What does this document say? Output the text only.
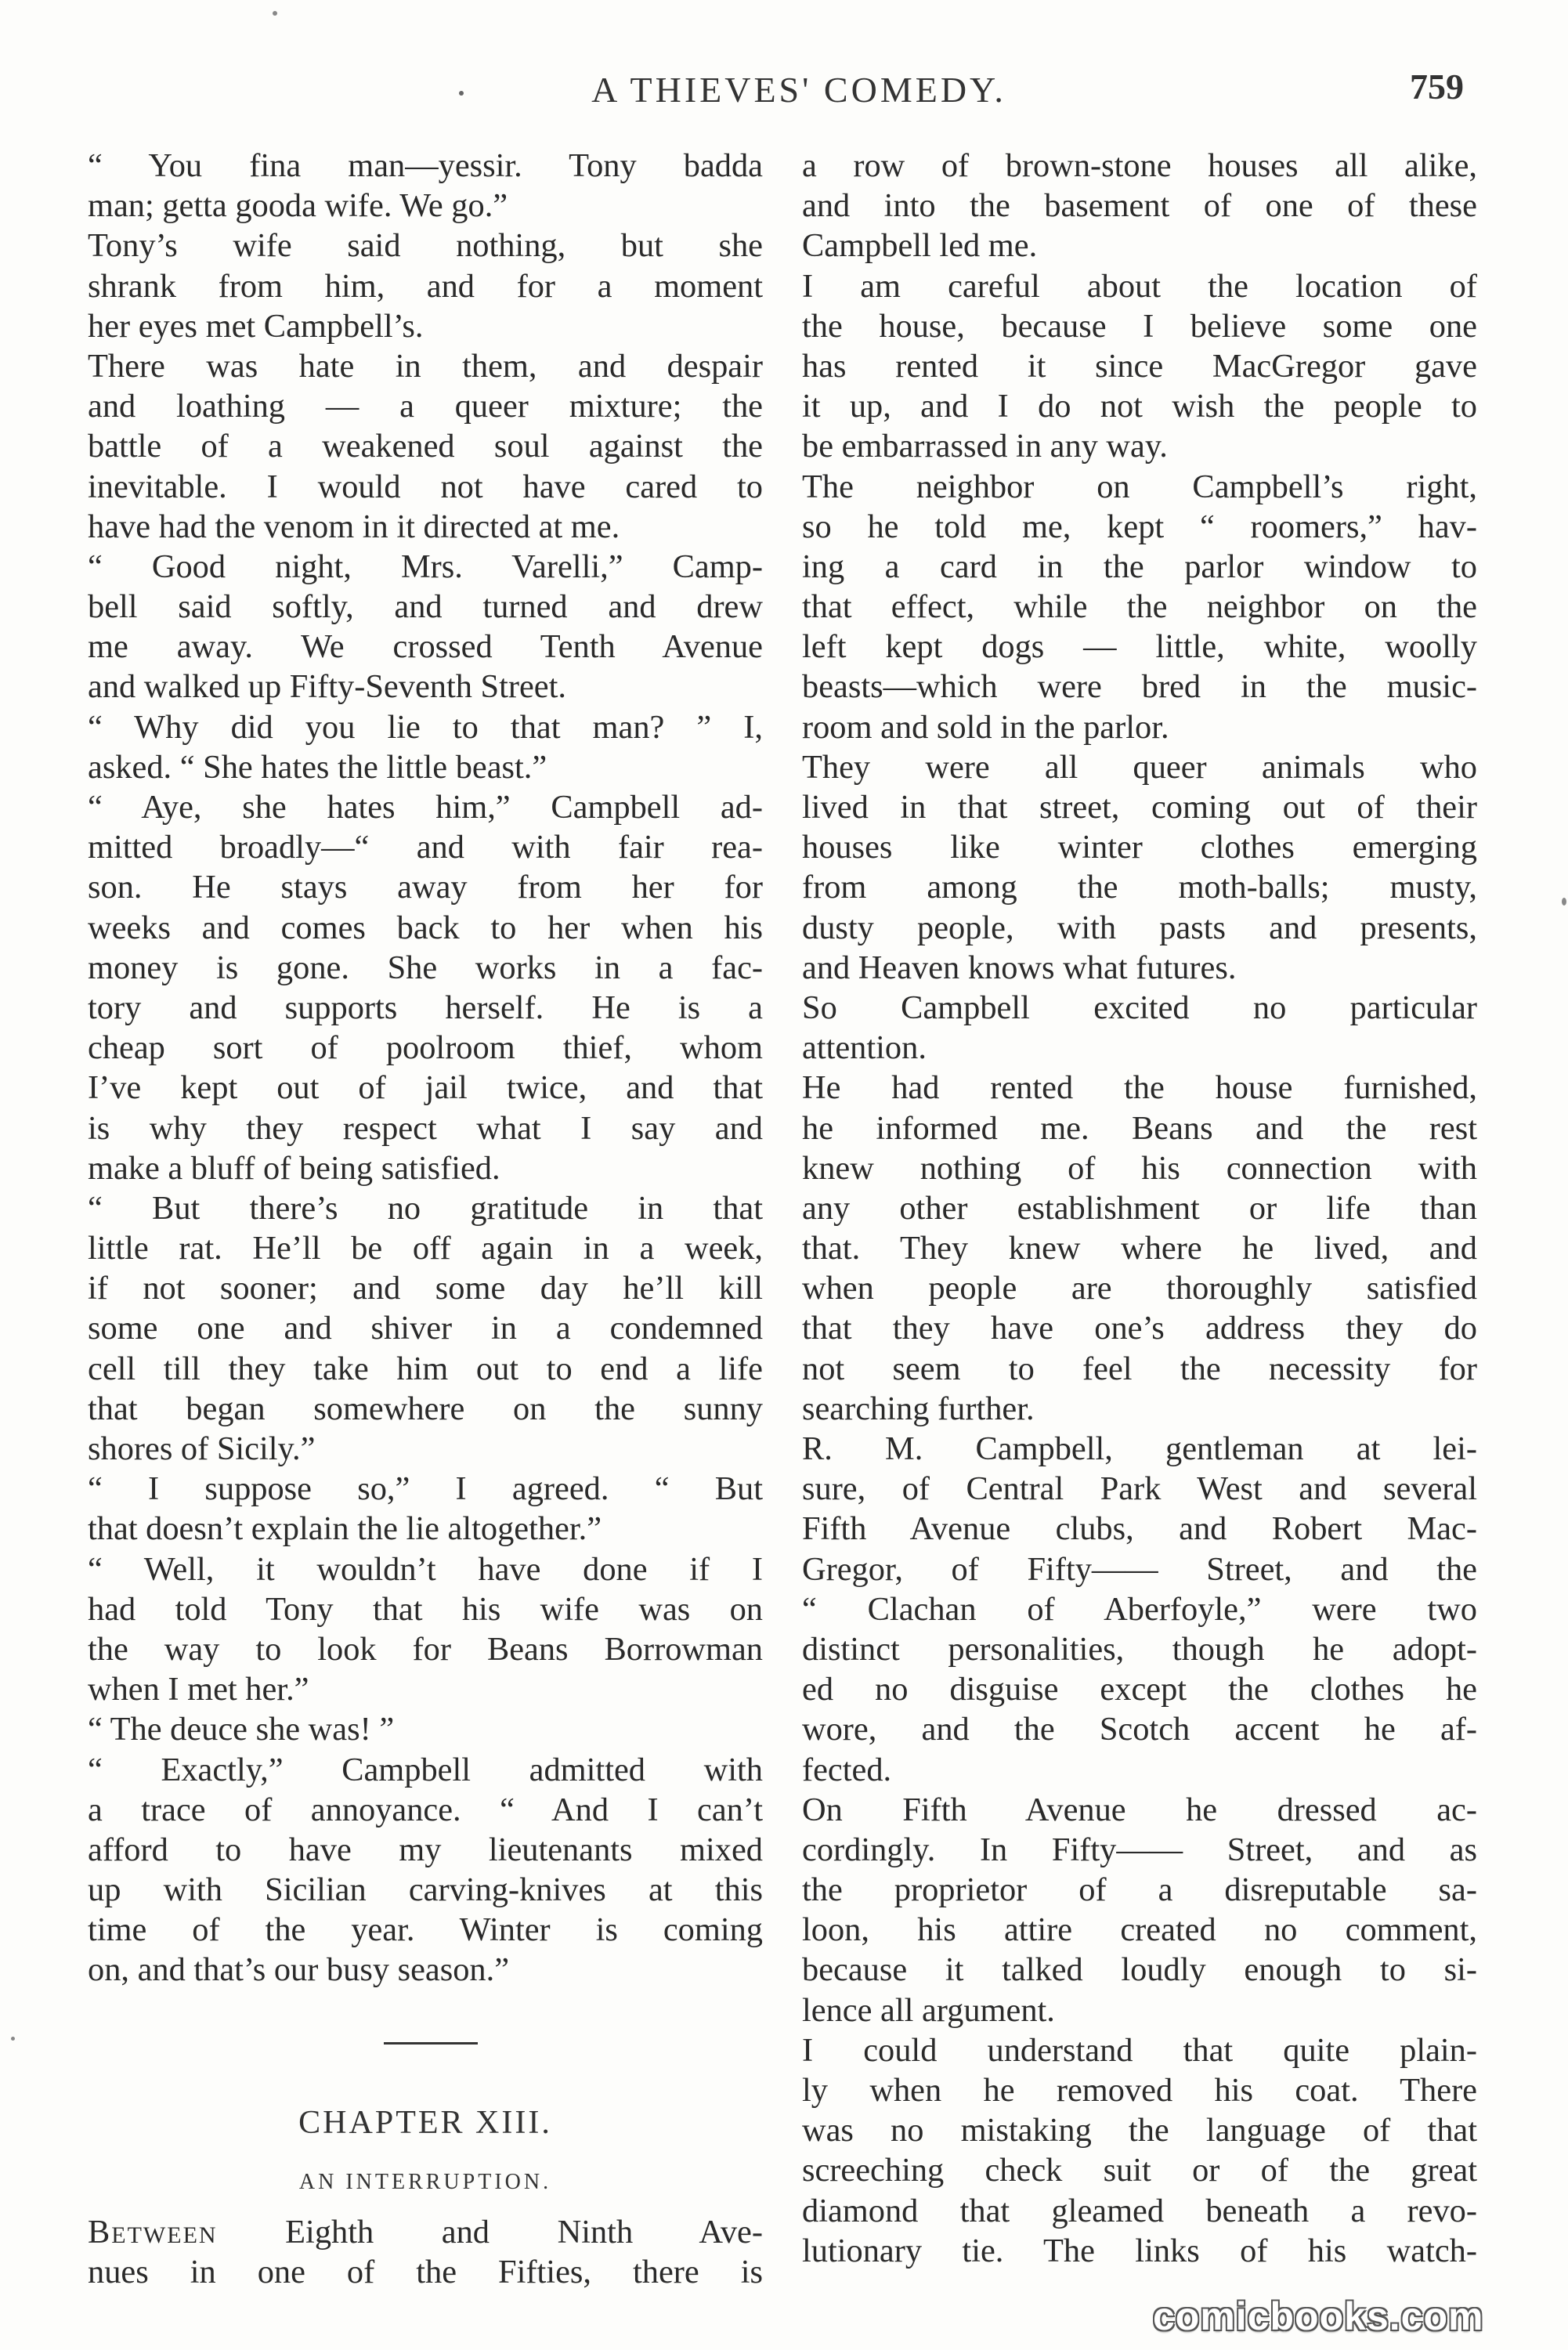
A THIEVES' COMEDY.	759
“ You fina man—yessir. Tony badda
man; getta gooda wife. We go.”
Tony’s wife said nothing, but she
shrank from him, and for a moment
her eyes met Campbell’s.
There was hate in them, and despair
and loathing — a queer mixture; the
battle of a weakened soul against the
inevitable. I would not have cared to
have had the venom in it directed at me.
“ Good night, Mrs. Varelli,” Camp-
bell said softly, and turned and drew
me away. We crossed Tenth Avenue
and walked up Fifty-Seventh Street.
“ Why did you lie to that man? ” I,
asked. “ She hates the little beast.”
“ Aye, she hates him,” Campbell ad-
mitted broadly—“ and with fair rea-
son. He stays away from her for
weeks and comes back to her when his
money is gone. She works in a fac-
tory and supports herself. He is a
cheap sort of poolroom thief, whom
I’ve kept out of jail twice, and that
is why they respect what I say and
make a bluff of being satisfied.
“ But there’s no gratitude in that
little rat. He’ll be off again in a week,
if not sooner; and some day he’ll kill
some one and shiver in a condemned
cell till they take him out to end a life
that began somewhere on the sunny
shores of Sicily.”
“ I suppose so,” I agreed. “ But
that doesn’t explain the lie altogether.”
“ Well, it wouldn’t have done if I
had told Tony that his wife was on
the way to look for Beans Borrowman
when I met her.”
“ The deuce she was! ”
“ Exactly,” Campbell admitted with
a trace of annoyance. “ And I can’t
afford to have my lieutenants mixed
up with Sicilian carving-knives at this
time of the year. Winter is coming
on, and that’s our busy season.”
CHAPTER XIII.
AN INTERRUPTION.
Between Eighth and Ninth Ave-
nues in one of the Fifties, there is
a row of brown-stone houses all alike,
and into the basement of one of these
Campbell led me.
I am careful about the location of
the house, because I believe some one
has rented it since MacGregor gave
it up, and I do not wish the people to
be embarrassed in any way.
The neighbor on Campbell’s right,
so he told me, kept “ roomers,” hav-
ing a card in the parlor window to
that effect, while the neighbor on the
left kept dogs — little, white, woolly
beasts—which were bred in the music-
room and sold in the parlor.
They were all queer animals who
lived in that street, coming out of their
houses like winter clothes emerging
from among the moth-balls; musty,
dusty people, with pasts and presents,
and Heaven knows what futures.
So Campbell excited no particular
attention.
He had rented the house furnished,
he informed me. Beans and the rest
knew nothing of his connection with
any other establishment or life than
that. They knew where he lived, and
when people are thoroughly satisfied
that they have one’s address they do
not seem to feel the necessity for
searching further.
R. M. Campbell, gentleman at lei-
sure, of Central Park West and several
Fifth Avenue clubs, and Robert Mac-
Gregor, of Fifty—— Street, and the
“ Clachan of Aberfoyle,” were two
distinct personalities, though he adopt-
ed no disguise except the clothes he
wore, and the Scotch accent he af-
fected.
On Fifth Avenue he dressed ac-
cordingly. In Fifty—— Street, and as
the proprietor of a disreputable sa-
loon, his attire created no comment,
because it talked loudly enough to si-
lence all argument.
I could understand that quite plain-
ly when he removed his coat. There
was no mistaking the language of that
screeching check suit or of the great
diamond that gleamed beneath a revo-
lutionary tie. The links of his watch-
comicbooks.com
